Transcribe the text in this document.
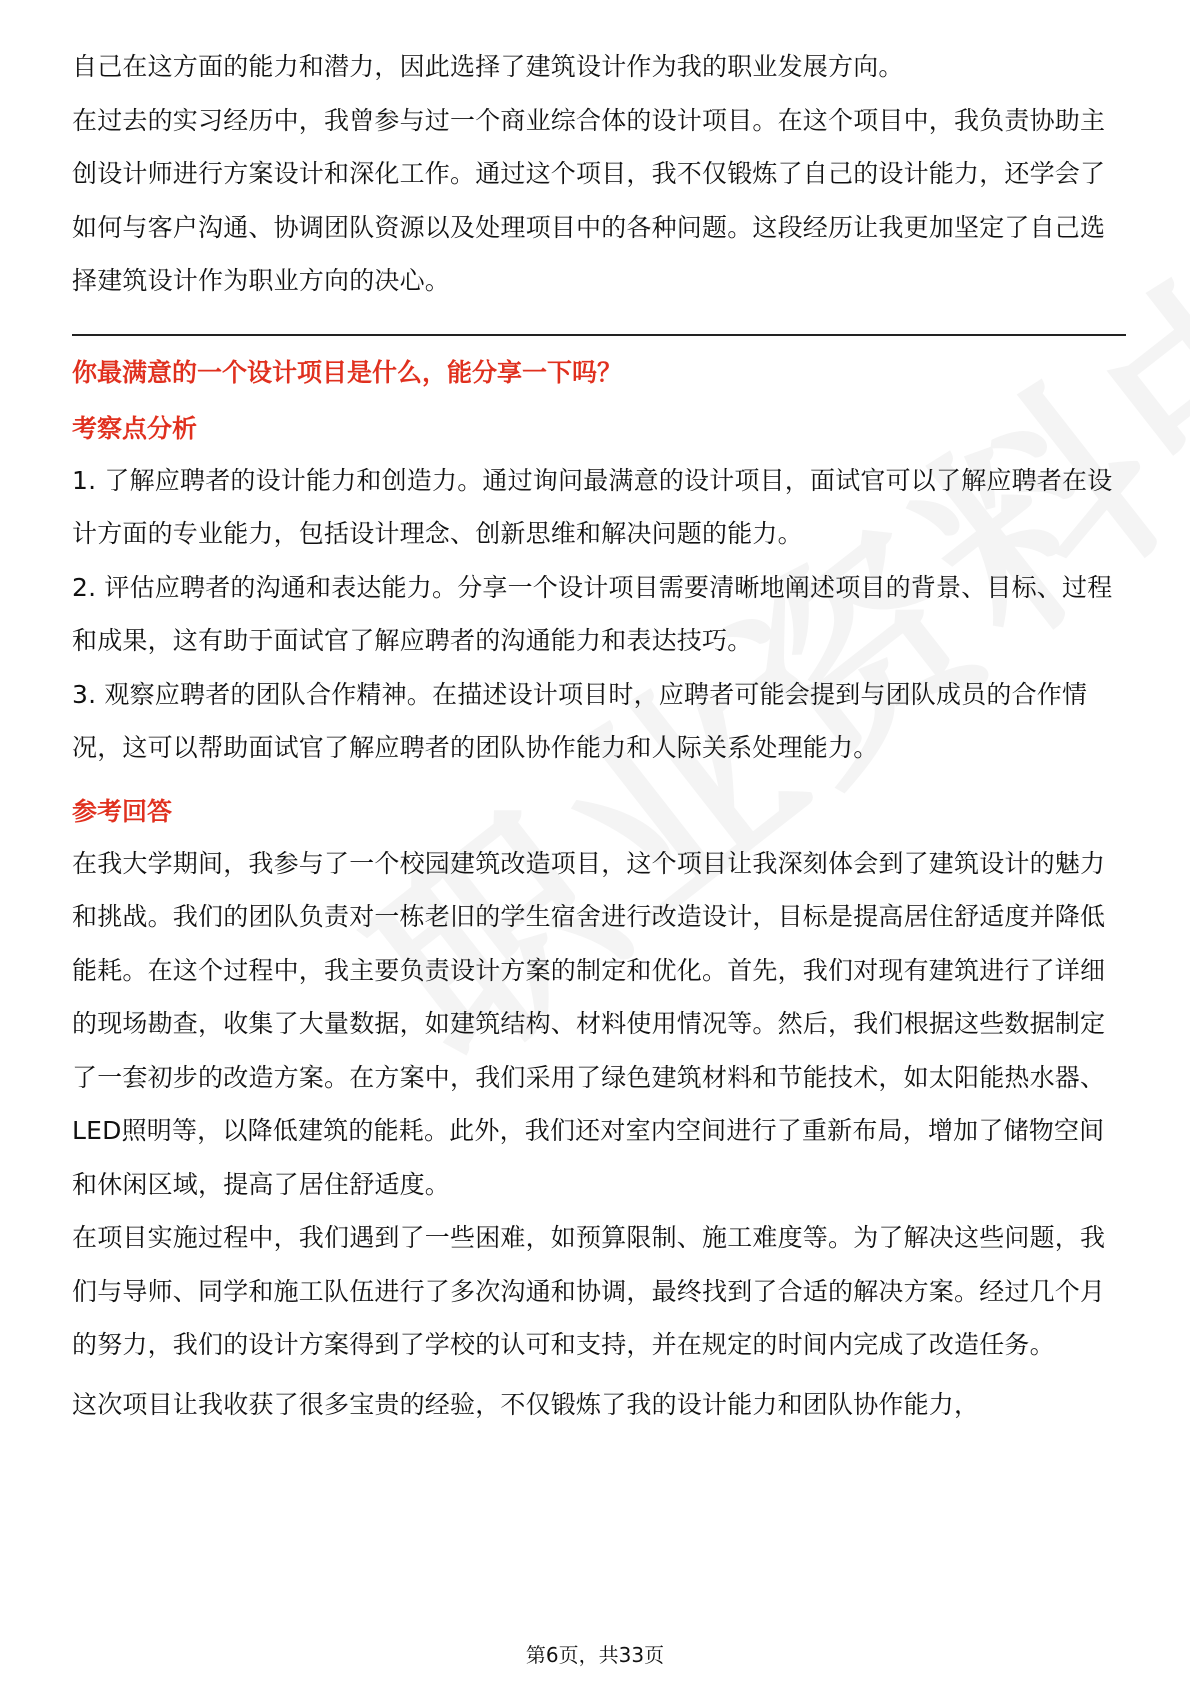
自己在这方面的能力和潜力，因此选择了建筑设计作为我的职业发展方向。

在过去的实习经历中，我曾参与过一个商业综合体的设计项目。在这个项目中，我负责协助主创设计师进行方案设计和深化工作。通过这个项目，我不仅锻炼了自己的设计能力，还学会了如何与客户沟通、协调团队资源以及处理项目中的各种问题。这段经历让我更加坚定了自己选择建筑设计作为职业方向的决心。

你最满意的一个设计项目是什么，能分享一下吗？

考察点分析

1. 了解应聘者的设计能力和创造力。通过询问最满意的设计项目，面试官可以了解应聘者在设计方面的专业能力，包括设计理念、创新思维和解决问题的能力。

2. 评估应聘者的沟通和表达能力。分享一个设计项目需要清晰地阐述项目的背景、目标、过程和成果，这有助于面试官了解应聘者的沟通能力和表达技巧。

3. 观察应聘者的团队合作精神。在描述设计项目时，应聘者可能会提到与团队成员的合作情况，这可以帮助面试官了解应聘者的团队协作能力和人际关系处理能力。

参考回答

在我大学期间，我参与了一个校园建筑改造项目，这个项目让我深刻体会到了建筑设计的魅力和挑战。我们的团队负责对一栋老旧的学生宿舍进行改造设计，目标是提高居住舒适度并降低能耗。在这个过程中，我主要负责设计方案的制定和优化。首先，我们对现有建筑进行了详细的现场勘查，收集了大量数据，如建筑结构、材料使用情况等。然后，我们根据这些数据制定了一套初步的改造方案。在方案中，我们采用了绿色建筑材料和节能技术，如太阳能热水器、LED照明等，以降低建筑的能耗。此外，我们还对室内空间进行了重新布局，增加了储物空间和休闲区域，提高了居住舒适度。

在项目实施过程中，我们遇到了一些困难，如预算限制、施工难度等。为了解决这些问题，我们与导师、同学和施工队伍进行了多次沟通和协调，最终找到了合适的解决方案。经过几个月的努力，我们的设计方案得到了学校的认可和支持，并在规定的时间内完成了改造任务。

这次项目让我收获了很多宝贵的经验，不仅锻炼了我的设计能力和团队协作能力，

第6页，共33页
